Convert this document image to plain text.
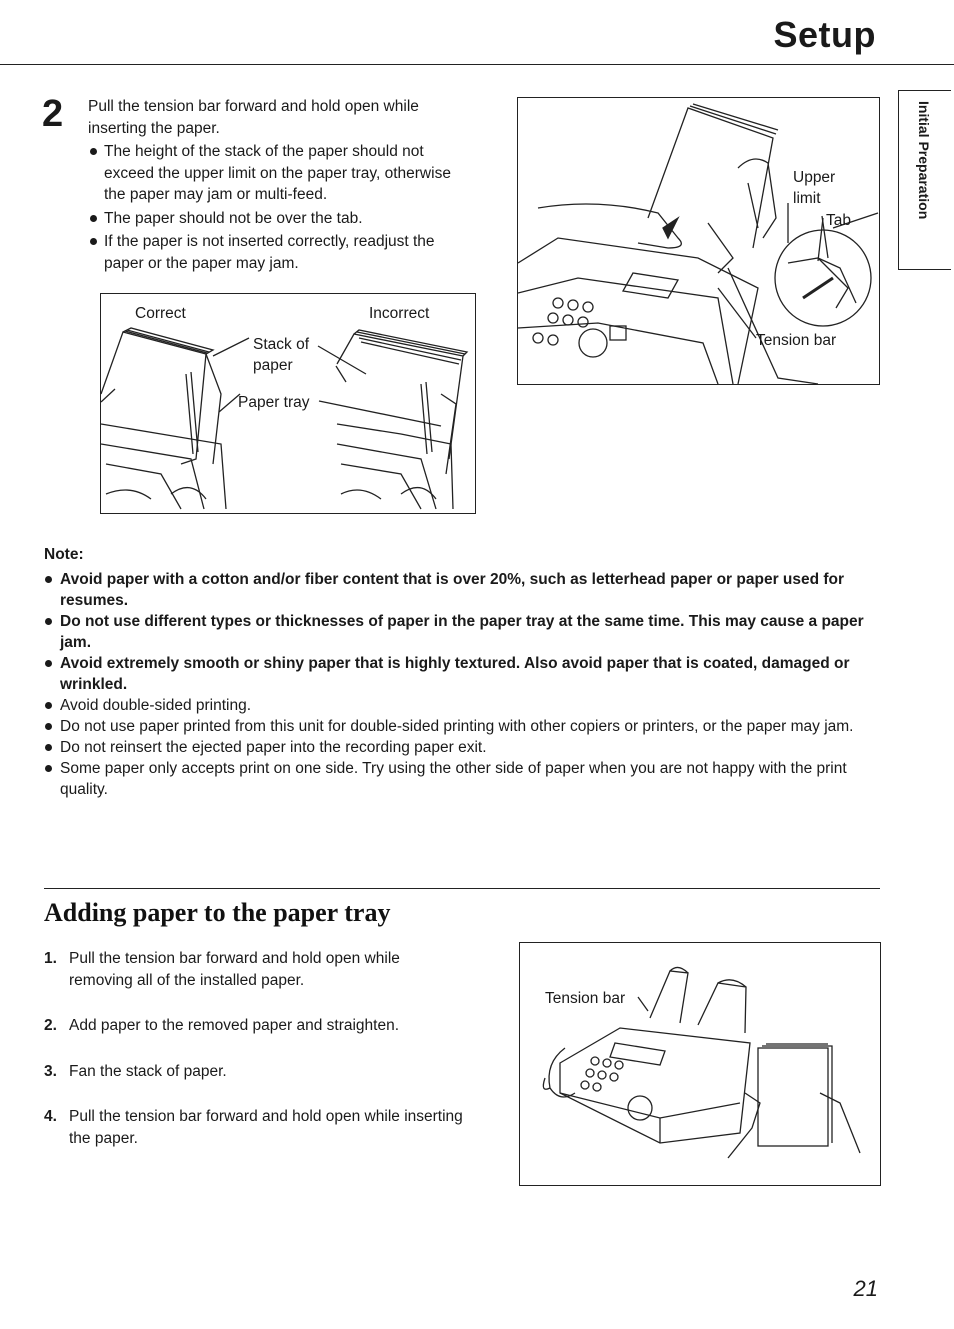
Setup
Initial Preparation
2 Pull the tension bar forward and hold open while inserting the paper.
The height of the stack of the paper should not exceed the upper limit on the paper tray, otherwise the paper may jam or multi-feed.
The paper should not be over the tab.
If the paper is not inserted correctly, readjust the paper or the paper may jam.
Correct	Incorrect
Stack of
paper
Paper tray
Upper
limit
Tab
Tension bar
Note:
Avoid paper with a cotton and/or fiber content that is over 20%, such as letterhead paper or paper used for resumes.
Do not use different types or thicknesses of paper in the paper tray at the same time. This may cause a paper jam.
Avoid extremely smooth or shiny paper that is highly textured. Also avoid paper that is coated, damaged or wrinkled.
Avoid double-sided printing.
Do not use paper printed from this unit for double-sided printing with other copiers or printers, or the paper may jam.
Do not reinsert the ejected paper into the recording paper exit.
Some paper only accepts print on one side. Try using the other side of paper when you are not happy with the print quality.
Adding paper to the paper tray
1. Pull the tension bar forward and hold open while removing all of the installed paper.
2. Add paper to the removed paper and straighten.
3. Fan the stack of paper.
4. Pull the tension bar forward and hold open while inserting the paper.
Tension bar
21
